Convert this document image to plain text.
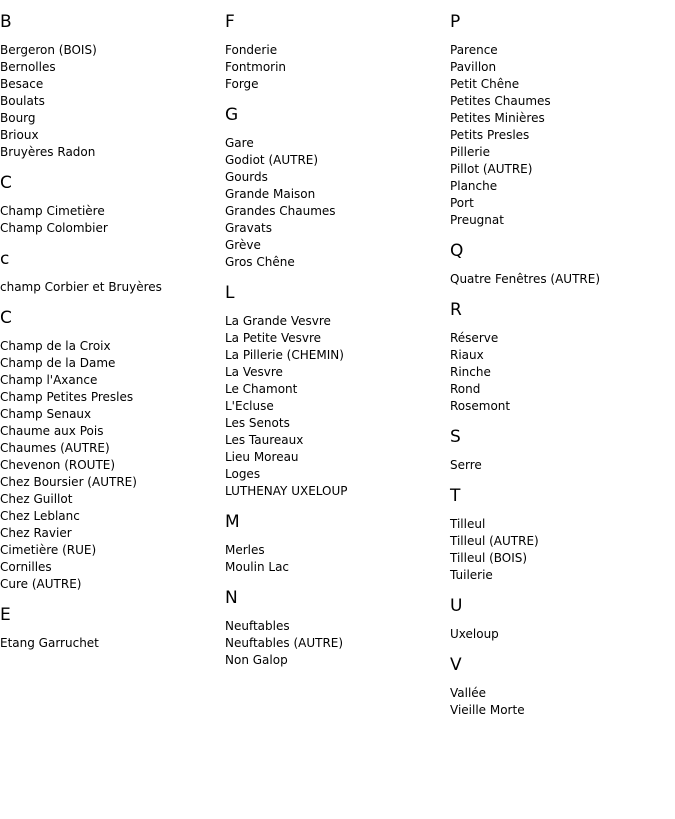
B
Bergeron (BOIS)
Bernolles
Besace
Boulats
Bourg
Brioux
Bruyères Radon
C
Champ Cimetière
Champ Colombier
c
champ Corbier et Bruyères
C
Champ de la Croix
Champ de la Dame
Champ l'Axance
Champ Petites Presles
Champ Senaux
Chaume aux Pois
Chaumes (AUTRE)
Chevenon (ROUTE)
Chez Boursier (AUTRE)
Chez Guillot
Chez Leblanc
Chez Ravier
Cimetière (RUE)
Cornilles
Cure (AUTRE)
E
Etang Garruchet
F
Fonderie
Fontmorin
Forge
G
Gare
Godiot (AUTRE)
Gourds
Grande Maison
Grandes Chaumes
Gravats
Grève
Gros Chêne
L
La Grande Vesvre
La Petite Vesvre
La Pillerie (CHEMIN)
La Vesvre
Le Chamont
L'Ecluse
Les Senots
Les Taureaux
Lieu Moreau
Loges
LUTHENAY UXELOUP
M
Merles
Moulin Lac
N
Neuftables
Neuftables (AUTRE)
Non Galop
P
Parence
Pavillon
Petit Chêne
Petites Chaumes
Petites Minières
Petits Presles
Pillerie
Pillot (AUTRE)
Planche
Port
Preugnat
Q
Quatre Fenêtres (AUTRE)
R
Réserve
Riaux
Rinche
Rond
Rosemont
S
Serre
T
Tilleul
Tilleul (AUTRE)
Tilleul (BOIS)
Tuilerie
U
Uxeloup
V
Vallée
Vieille Morte
